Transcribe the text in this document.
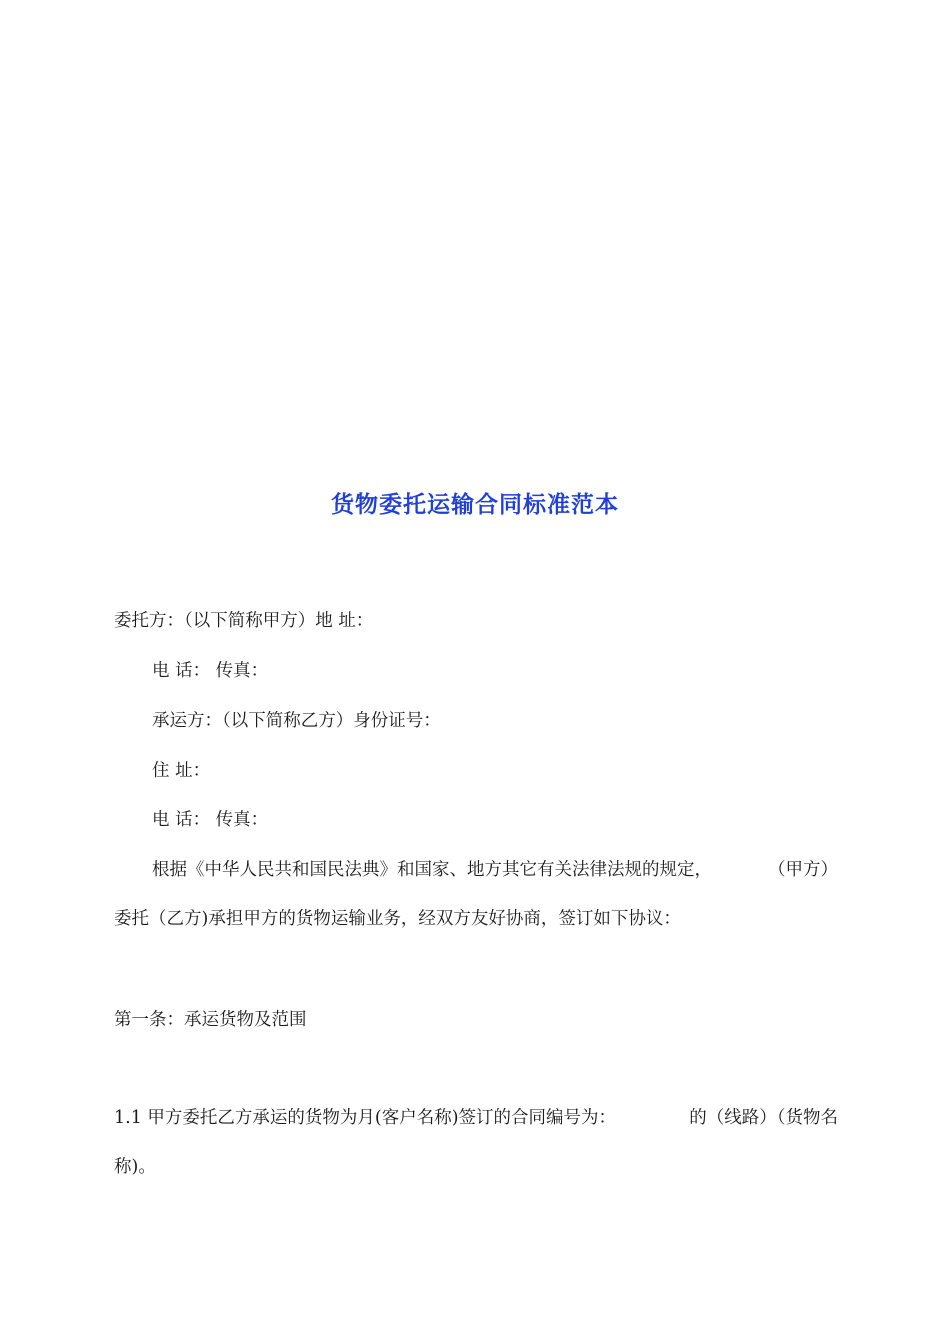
货物委托运输合同标准范本
委托方：（以下简称甲方）地 址：
电 话： 传真：
承运方：（以下简称乙方）身份证号：
住 址：
电 话： 传真：
根据《中华人民共和国民法典》和国家、地方其它有关法律法规的规定，	（甲方）
委托（乙方)承担甲方的货物运输业务，经双方友好协商，签订如下协议：
第一条：承运货物及范围
1.1 甲方委托乙方承运的货物为月(客户名称)签订的合同编号为：	的（线路）（货物名
称)。
